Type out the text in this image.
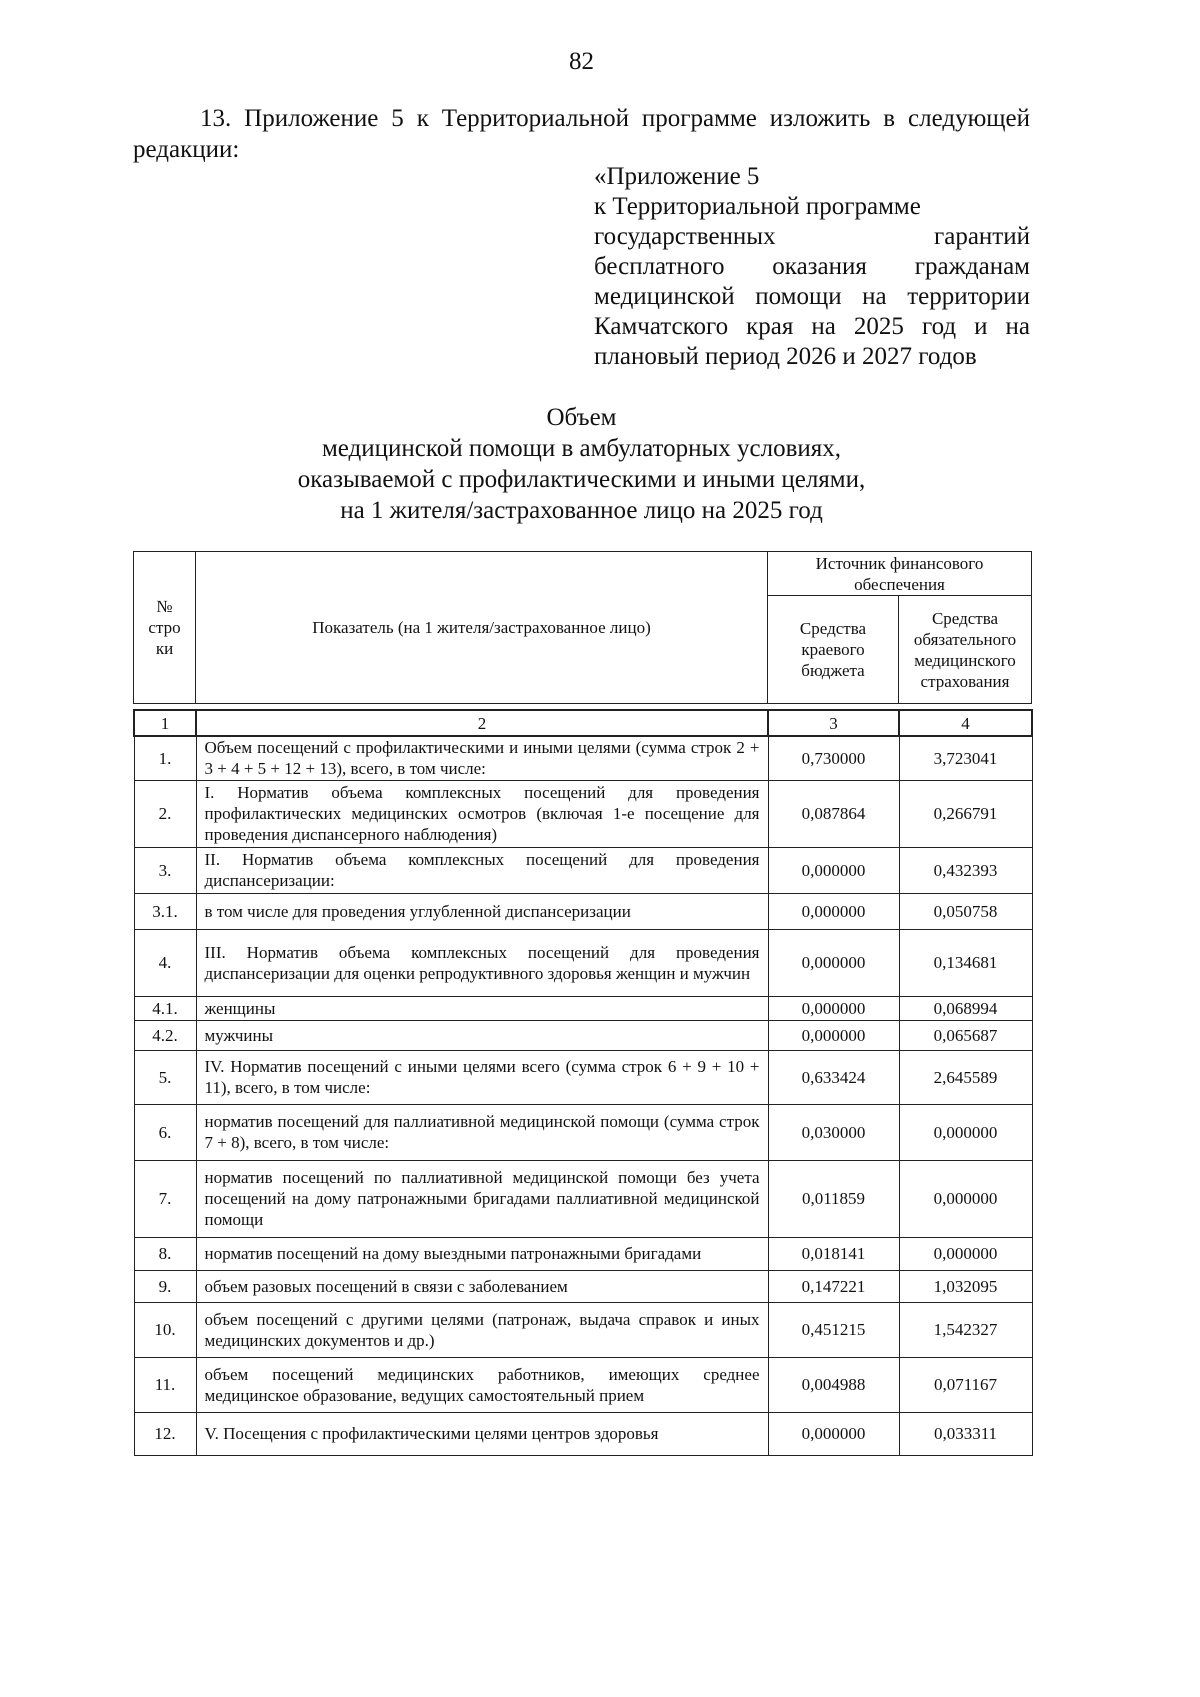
82
13. Приложение 5 к Территориальной программе изложить в следующей редакции:
«Приложение 5
к Территориальной программе
государственных гарантий
бесплатного оказания гражданам
медицинской помощи на территории
Камчатского края на 2025 год и на
плановый период 2026 и 2027 годов
Объем
медицинской помощи в амбулаторных условиях,
оказываемой с профилактическими и иными целями,
на 1 жителя/застрахованное лицо на 2025 год
№ стро ки	Показатель (на 1 жителя/застрахованное лицо)	Источник финансового обеспечения	
		Средства краевого бюджета	Средства обязательного медицинского страхования
1	2	3	4
1.	Объем посещений с профилактическими и иными целями (сумма строк 2 + 3 + 4 + 5 + 12 + 13), всего, в том числе:	0,730000	3,723041
2.	I. Норматив объема комплексных посещений для проведения профилактических медицинских осмотров (включая 1-е посещение для проведения диспансерного наблюдения)	0,087864	0,266791
3.	II. Норматив объема комплексных посещений для проведения диспансеризации:	0,000000	0,432393
3.1.	в том числе для проведения углубленной диспансеризации	0,000000	0,050758
4.	III. Норматив объема комплексных посещений для проведения диспансеризации для оценки репродуктивного здоровья женщин и мужчин	0,000000	0,134681
4.1.	женщины	0,000000	0,068994
4.2.	мужчины	0,000000	0,065687
5.	IV. Норматив посещений с иными целями всего (сумма строк 6 + 9 + 10 + 11), всего, в том числе:	0,633424	2,645589
6.	норматив посещений для паллиативной медицинской помощи (сумма строк 7 + 8), всего, в том числе:	0,030000	0,000000
7.	норматив посещений по паллиативной медицинской помощи без учета посещений на дому патронажными бригадами паллиативной медицинской помощи	0,011859	0,000000
8.	норматив посещений на дому выездными патронажными бригадами	0,018141	0,000000
9.	объем разовых посещений в связи с заболеванием	0,147221	1,032095
10.	объем посещений с другими целями (патронаж, выдача справок и иных медицинских документов и др.)	0,451215	1,542327
11.	объем посещений медицинских работников, имеющих среднее медицинское образование, ведущих самостоятельный прием	0,004988	0,071167
12.	V. Посещения с профилактическими целями центров здоровья	0,000000	0,033311
